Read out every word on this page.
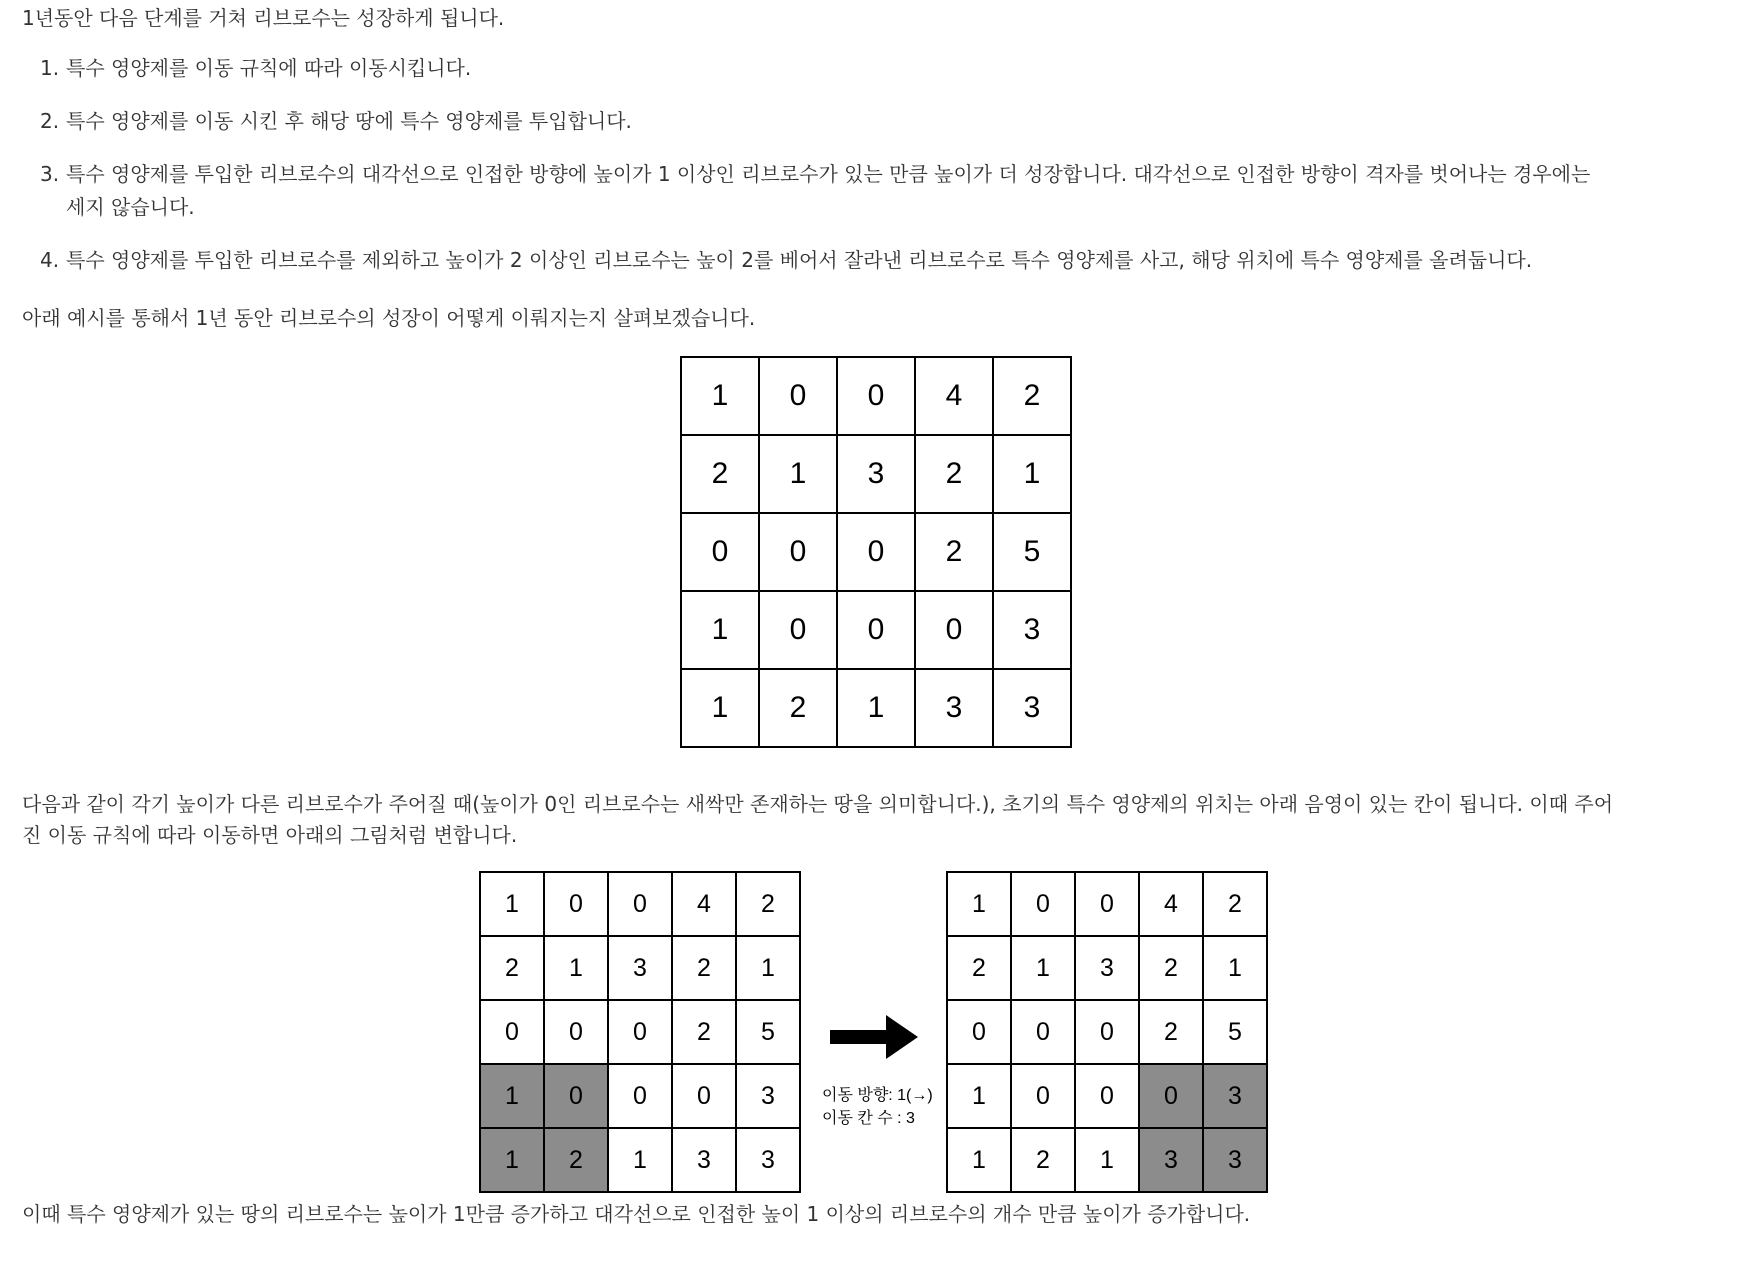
1년동안 다음 단계를 거쳐 리브로수는 성장하게 됩니다.

1. 특수 영양제를 이동 규칙에 따라 이동시킵니다.
2. 특수 영양제를 이동 시킨 후 해당 땅에 특수 영양제를 투입합니다.
3. 특수 영양제를 투입한 리브로수의 대각선으로 인접한 방향에 높이가 1 이상인 리브로수가 있는 만큼 높이가 더 성장합니다. 대각선으로 인접한 방향이 격자를 벗어나는 경우에는
세지 않습니다.
4. 특수 영양제를 투입한 리브로수를 제외하고 높이가 2 이상인 리브로수는 높이 2를 베어서 잘라낸 리브로수로 특수 영양제를 사고, 해당 위치에 특수 영양제를 올려둡니다.

아래 예시를 통해서 1년 동안 리브로수의 성장이 어떻게 이뤄지는지 살펴보겠습니다.

1	0	0	4	2
2	1	3	2	1
0	0	0	2	5
1	0	0	0	3
1	2	1	3	3

다음과 같이 각기 높이가 다른 리브로수가 주어질 때(높이가 0인 리브로수는 새싹만 존재하는 땅을 의미합니다.), 초기의 특수 영양제의 위치는 아래 음영이 있는 칸이 됩니다. 이때 주어

진 이동 규칙에 따라 이동하면 아래의 그림처럼 변합니다.

1	0	0	4	2
2	1	3	2	1
0	0	0	2	5
1	0	0	0	3
1	2	1	3	3
이동 방향: 1(→)
이동 칸 수 : 3
1	0	0	4	2
2	1	3	2	1
0	0	0	2	5
1	0	0	0	3
1	2	1	3	3

이때 특수 영양제가 있는 땅의 리브로수는 높이가 1만큼 증가하고 대각선으로 인접한 높이 1 이상의 리브로수의 개수 만큼 높이가 증가합니다.
